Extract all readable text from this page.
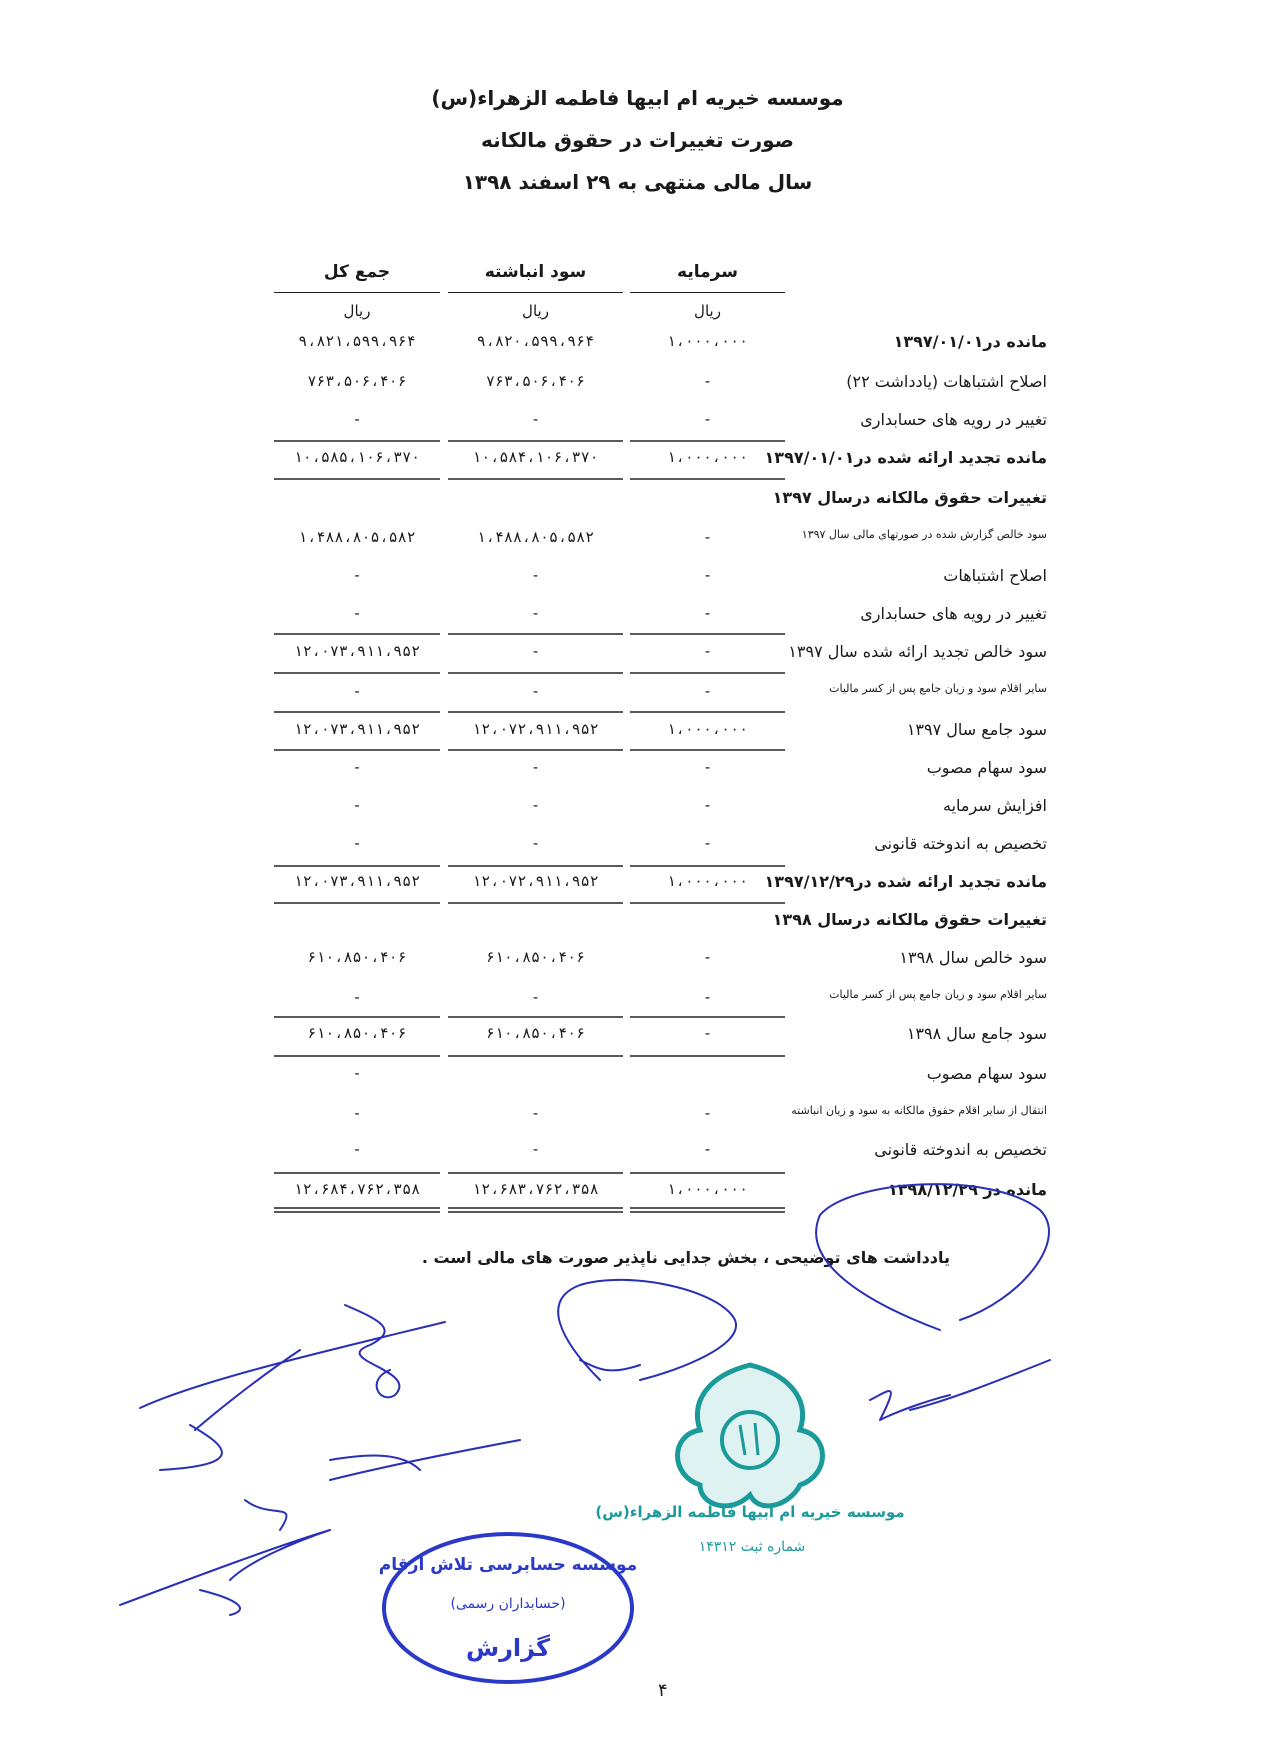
موسسه خیریه ام ابیها فاطمه الزهراء(س)
صورت تغییرات در حقوق مالکانه
سال مالی منتهی به ۲۹ اسفند ۱۳۹۸
سرمایه
سود انباشته
جمع کل
ریال
ریال
ریال
مانده در۱۳۹۷/۰۱/۰۱
۱،۰۰۰،۰۰۰
۹،۸۲۰،۵۹۹،۹۶۴
۹،۸۲۱،۵۹۹،۹۶۴
اصلاح اشتباهات (یادداشت ۲۲)
-
۷۶۳،۵۰۶،۴۰۶
۷۶۳،۵۰۶،۴۰۶
تغییر در رویه های حسابداری
-
-
-
مانده تجدید ارائه شده در۱۳۹۷/۰۱/۰۱
۱،۰۰۰،۰۰۰
۱۰،۵۸۴،۱۰۶،۳۷۰
۱۰،۵۸۵،۱۰۶،۳۷۰
تغییرات حقوق مالکانه درسال ۱۳۹۷
سود خالص گزارش شده در صورتهای مالی سال ۱۳۹۷
-
۱،۴۸۸،۸۰۵،۵۸۲
۱،۴۸۸،۸۰۵،۵۸۲
اصلاح اشتباهات
-
-
-
تغییر در رویه های حسابداری
-
-
-
سود خالص تجدید ارائه شده سال ۱۳۹۷
-
-
۱۲،۰۷۳،۹۱۱،۹۵۲
سایر اقلام سود و زیان جامع پس از کسر مالیات
-
-
-
سود جامع سال ۱۳۹۷
۱،۰۰۰،۰۰۰
۱۲،۰۷۲،۹۱۱،۹۵۲
۱۲،۰۷۳،۹۱۱،۹۵۲
سود سهام مصوب
-
-
-
افزایش سرمایه
-
-
-
تخصیص به اندوخته قانونی
-
-
-
مانده تجدید ارائه شده در۱۳۹۷/۱۲/۲۹
۱،۰۰۰،۰۰۰
۱۲،۰۷۲،۹۱۱،۹۵۲
۱۲،۰۷۳،۹۱۱،۹۵۲
تغییرات حقوق مالکانه درسال ۱۳۹۸
سود خالص سال ۱۳۹۸
-
۶۱۰،۸۵۰،۴۰۶
۶۱۰،۸۵۰،۴۰۶
سایر اقلام سود و زیان جامع پس از کسر مالیات
-
-
-
سود جامع سال ۱۳۹۸
-
۶۱۰،۸۵۰،۴۰۶
۶۱۰،۸۵۰،۴۰۶
سود سهام مصوب
-
انتقال از سایر اقلام حقوق مالکانه به سود و زیان انباشته
-
-
-
تخصیص به اندوخته قانونی
-
-
-
مانده در ۱۳۹۸/۱۲/۲۹
۱،۰۰۰،۰۰۰
۱۲،۶۸۳،۷۶۲،۳۵۸
۱۲،۶۸۴،۷۶۲،۳۵۸
یادداشت های توضیحی ، بخش جدایی ناپذیر صورت های مالی است .
موسسه خیریه ام ابیها فاطمه الزهراء(س)
شماره ثبت ۱۴۳۱۲
موسسه حسابرسی تلاش ارقام
(حسابداران رسمی)
گزارش
۴
